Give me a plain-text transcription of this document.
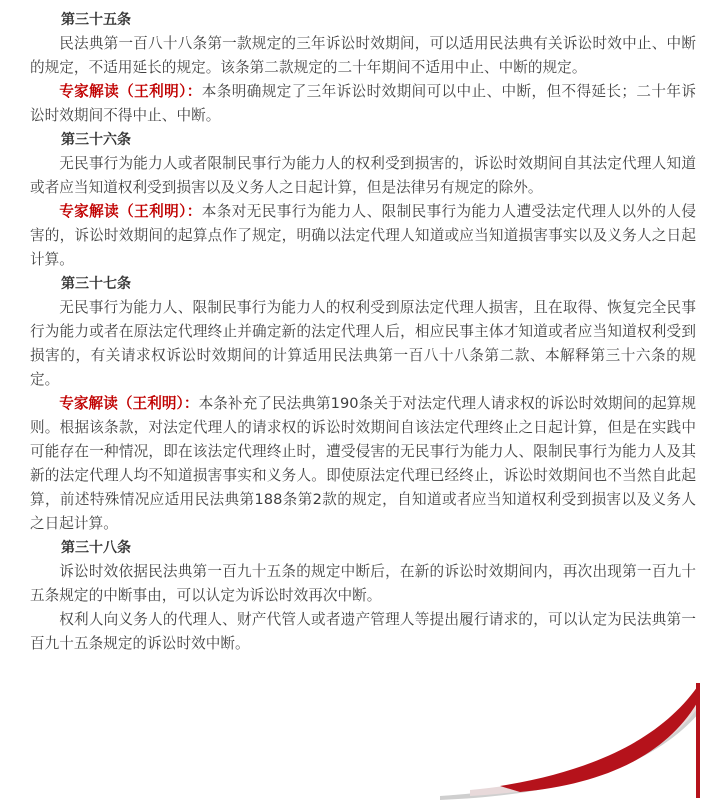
第三十五条

民法典第一百八十八条第一款规定的三年诉讼时效期间，可以适用民法典有关诉讼时效中止、中断的规定，不适用延长的规定。该条第二款规定的二十年期间不适用中止、中断的规定。

专家解读（王利明）：本条明确规定了三年诉讼时效期间可以中止、中断，但不得延长；二十年诉讼时效期间不得中止、中断。

第三十六条

无民事行为能力人或者限制民事行为能力人的权利受到损害的，诉讼时效期间自其法定代理人知道或者应当知道权利受到损害以及义务人之日起计算，但是法律另有规定的除外。

专家解读（王利明）：本条对无民事行为能力人、限制民事行为能力人遭受法定代理人以外的人侵害的，诉讼时效期间的起算点作了规定，明确以法定代理人知道或应当知道损害事实以及义务人之日起计算。

第三十七条

无民事行为能力人、限制民事行为能力人的权利受到原法定代理人损害，且在取得、恢复完全民事行为能力或者在原法定代理终止并确定新的法定代理人后，相应民事主体才知道或者应当知道权利受到损害的，有关请求权诉讼时效期间的计算适用民法典第一百八十八条第二款、本解释第三十六条的规定。

专家解读（王利明）：本条补充了民法典第190条关于对法定代理人请求权的诉讼时效期间的起算规则。根据该条款，对法定代理人的请求权的诉讼时效期间自该法定代理终止之日起计算，但是在实践中可能存在一种情况，即在该法定代理终止时，遭受侵害的无民事行为能力人、限制民事行为能力人及其新的法定代理人均不知道损害事实和义务人。即使原法定代理已经终止，诉讼时效期间也不当然自此起算，前述特殊情况应适用民法典第188条第2款的规定，自知道或者应当知道权利受到损害以及义务人之日起计算。

第三十八条

诉讼时效依据民法典第一百九十五条的规定中断后，在新的诉讼时效期间内，再次出现第一百九十五条规定的中断事由，可以认定为诉讼时效再次中断。

权利人向义务人的代理人、财产代管人或者遗产管理人等提出履行请求的，可以认定为民法典第一百九十五条规定的诉讼时效中断。
